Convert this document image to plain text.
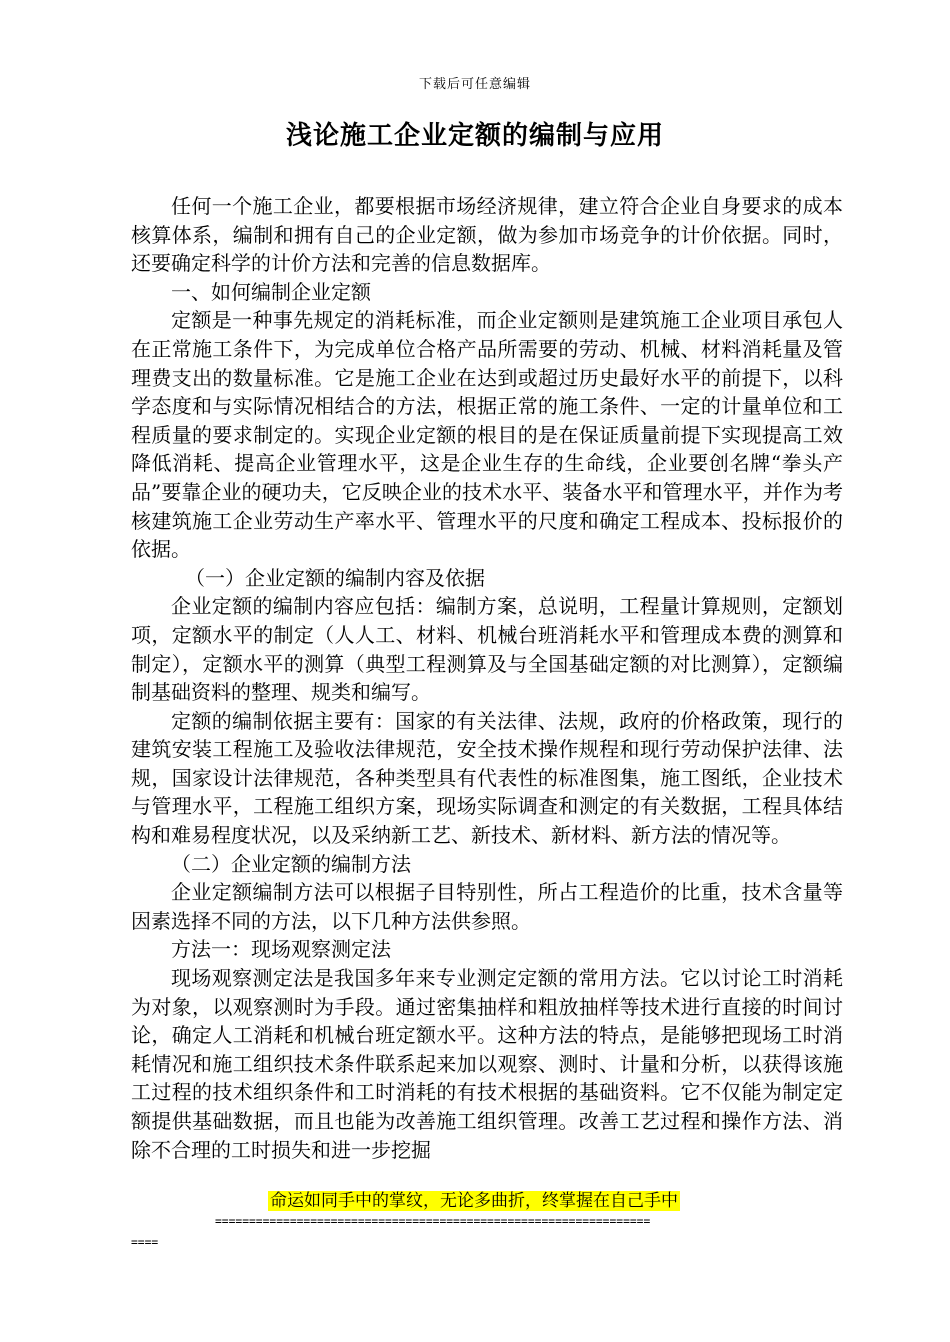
下载后可任意编辑
浅论施工企业定额的编制与应用

任何一个施工企业，都要根据市场经济规律，建立符合企业自身要求的成本核算体系，编制和拥有自己的企业定额，做为参加市场竞争的计价依据。同时，还要确定科学的计价方法和完善的信息数据库。

一、如何编制企业定额

定额是一种事先规定的消耗标准，而企业定额则是建筑施工企业项目承包人在正常施工条件下，为完成单位合格产品所需要的劳动、机械、材料消耗量及管理费支出的数量标准。它是施工企业在达到或超过历史最好水平的前提下，以科学态度和与实际情况相结合的方法，根据正常的施工条件、一定的计量单位和工程质量的要求制定的。实现企业定额的根目的是在保证质量前提下实现提高工效降低消耗、提高企业管理水平，这是企业生存的生命线，企业要创名牌“拳头产品”要靠企业的硬功夫，它反映企业的技术水平、装备水平和管理水平，并作为考核建筑施工企业劳动生产率水平、管理水平的尺度和确定工程成本、投标报价的依据。

（一）企业定额的编制内容及依据

企业定额的编制内容应包括：编制方案，总说明，工程量计算规则，定额划项，定额水平的制定（人人工、材料、机械台班消耗水平和管理成本费的测算和制定），定额水平的测算（典型工程测算及与全国基础定额的对比测算），定额编制基础资料的整理、规类和编写。

定额的编制依据主要有：国家的有关法律、法规，政府的价格政策，现行的建筑安装工程施工及验收法律规范，安全技术操作规程和现行劳动保护法律、法规，国家设计法律规范，各种类型具有代表性的标准图集，施工图纸，企业技术与管理水平，工程施工组织方案，现场实际调查和测定的有关数据，工程具体结构和难易程度状况，以及采纳新工艺、新技术、新材料、新方法的情况等。

（二）企业定额的编制方法

企业定额编制方法可以根据子目特别性，所占工程造价的比重，技术含量等因素选择不同的方法，以下几种方法供参照。

方法一：现场观察测定法

现场观察测定法是我国多年来专业测定定额的常用方法。它以讨论工时消耗为对象，以观察测时为手段。通过密集抽样和粗放抽样等技术进行直接的时间讨论，确定人工消耗和机械台班定额水平。这种方法的特点，是能够把现场工时消耗情况和施工组织技术条件联系起来加以观察、测时、计量和分析，以获得该施工过程的技术组织条件和工时消耗的有技术根据的基础资料。它不仅能为制定定额提供基础数据，而且也能为改善施工组织管理。改善工艺过程和操作方法、消除不合理的工时损失和进一步挖掘

命运如同手中的掌纹，无论多曲折，终掌握在自己手中
================================================================
====
